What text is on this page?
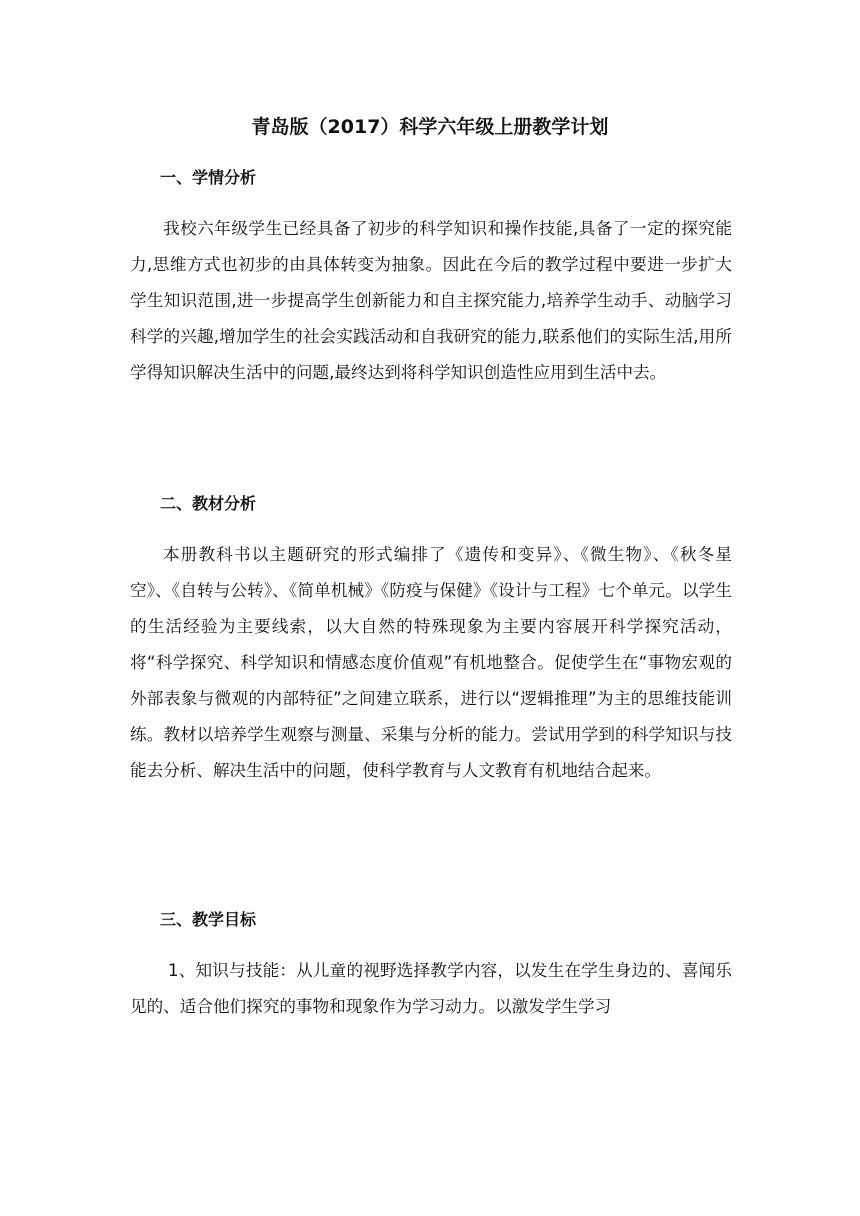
青岛版（2017）科学六年级上册教学计划
一、学情分析

我校六年级学生已经具备了初步的科学知识和操作技能,具备了一定的探究能力,思维方式也初步的由具体转变为抽象。因此在今后的教学过程中要进一步扩大学生知识范围,进一步提高学生创新能力和自主探究能力,培养学生动手、动脑学习科学的兴趣,增加学生的社会实践活动和自我研究的能力,联系他们的实际生活,用所学得知识解决生活中的问题,最终达到将科学知识创造性应用到生活中去。

二、教材分析

本册教科书以主题研究的形式编排了《遗传和变异》、《微生物》、《秋冬星空》、《自转与公转》、《简单机械》《防疫与保健》《设计与工程》七个单元。以学生的生活经验为主要线索，以大自然的特殊现象为主要内容展开科学探究活动，将“科学探究、科学知识和情感态度价值观”有机地整合。促使学生在“事物宏观的外部表象与微观的内部特征”之间建立联系，进行以“逻辑推理”为主的思维技能训练。教材以培养学生观察与测量、采集与分析的能力。尝试用学到的科学知识与技能去分析、解决生活中的问题，使科学教育与人文教育有机地结合起来。

三、教学目标

1、知识与技能：从儿童的视野选择教学内容，以发生在学生身边的、喜闻乐见的、适合他们探究的事物和现象作为学习动力。以激发学生学习
